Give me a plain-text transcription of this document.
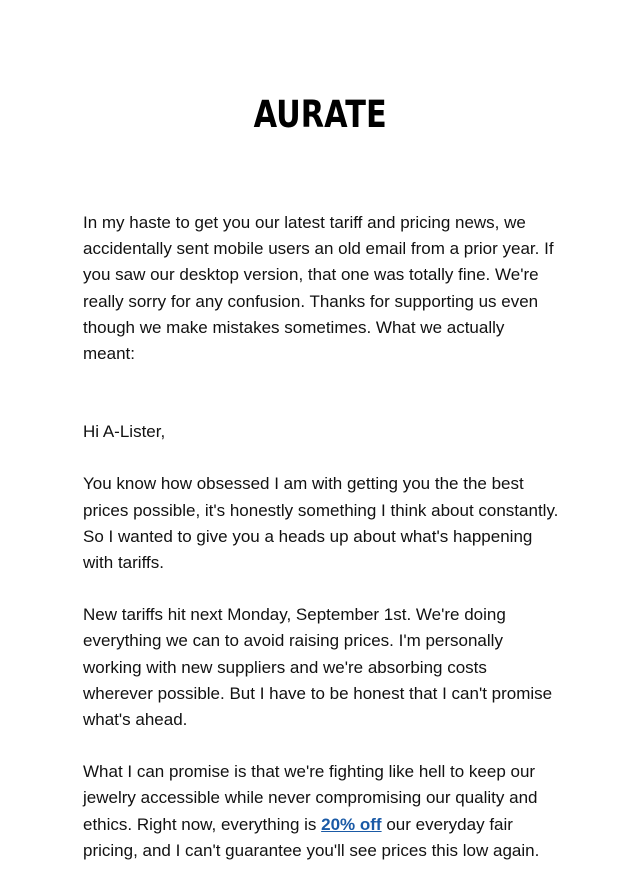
AURATE

In my haste to get you our latest tariff and pricing news, we accidentally sent mobile users an old email from a prior year. If you saw our desktop version, that one was totally fine. We're really sorry for any confusion. Thanks for supporting us even though we make mistakes sometimes. What we actually meant:

Hi A-Lister,

You know how obsessed I am with getting you the the best prices possible, it's honestly something I think about constantly. So I wanted to give you a heads up about what's happening with tariffs.

New tariffs hit next Monday, September 1st. We're doing everything we can to avoid raising prices. I'm personally working with new suppliers and we're absorbing costs wherever possible. But I have to be honest that I can't promise what's ahead.

What I can promise is that we're fighting like hell to keep our jewelry accessible while never compromising our quality and ethics. Right now, everything is 20% off our everyday fair pricing, and I can't guarantee you'll see prices this low again.
